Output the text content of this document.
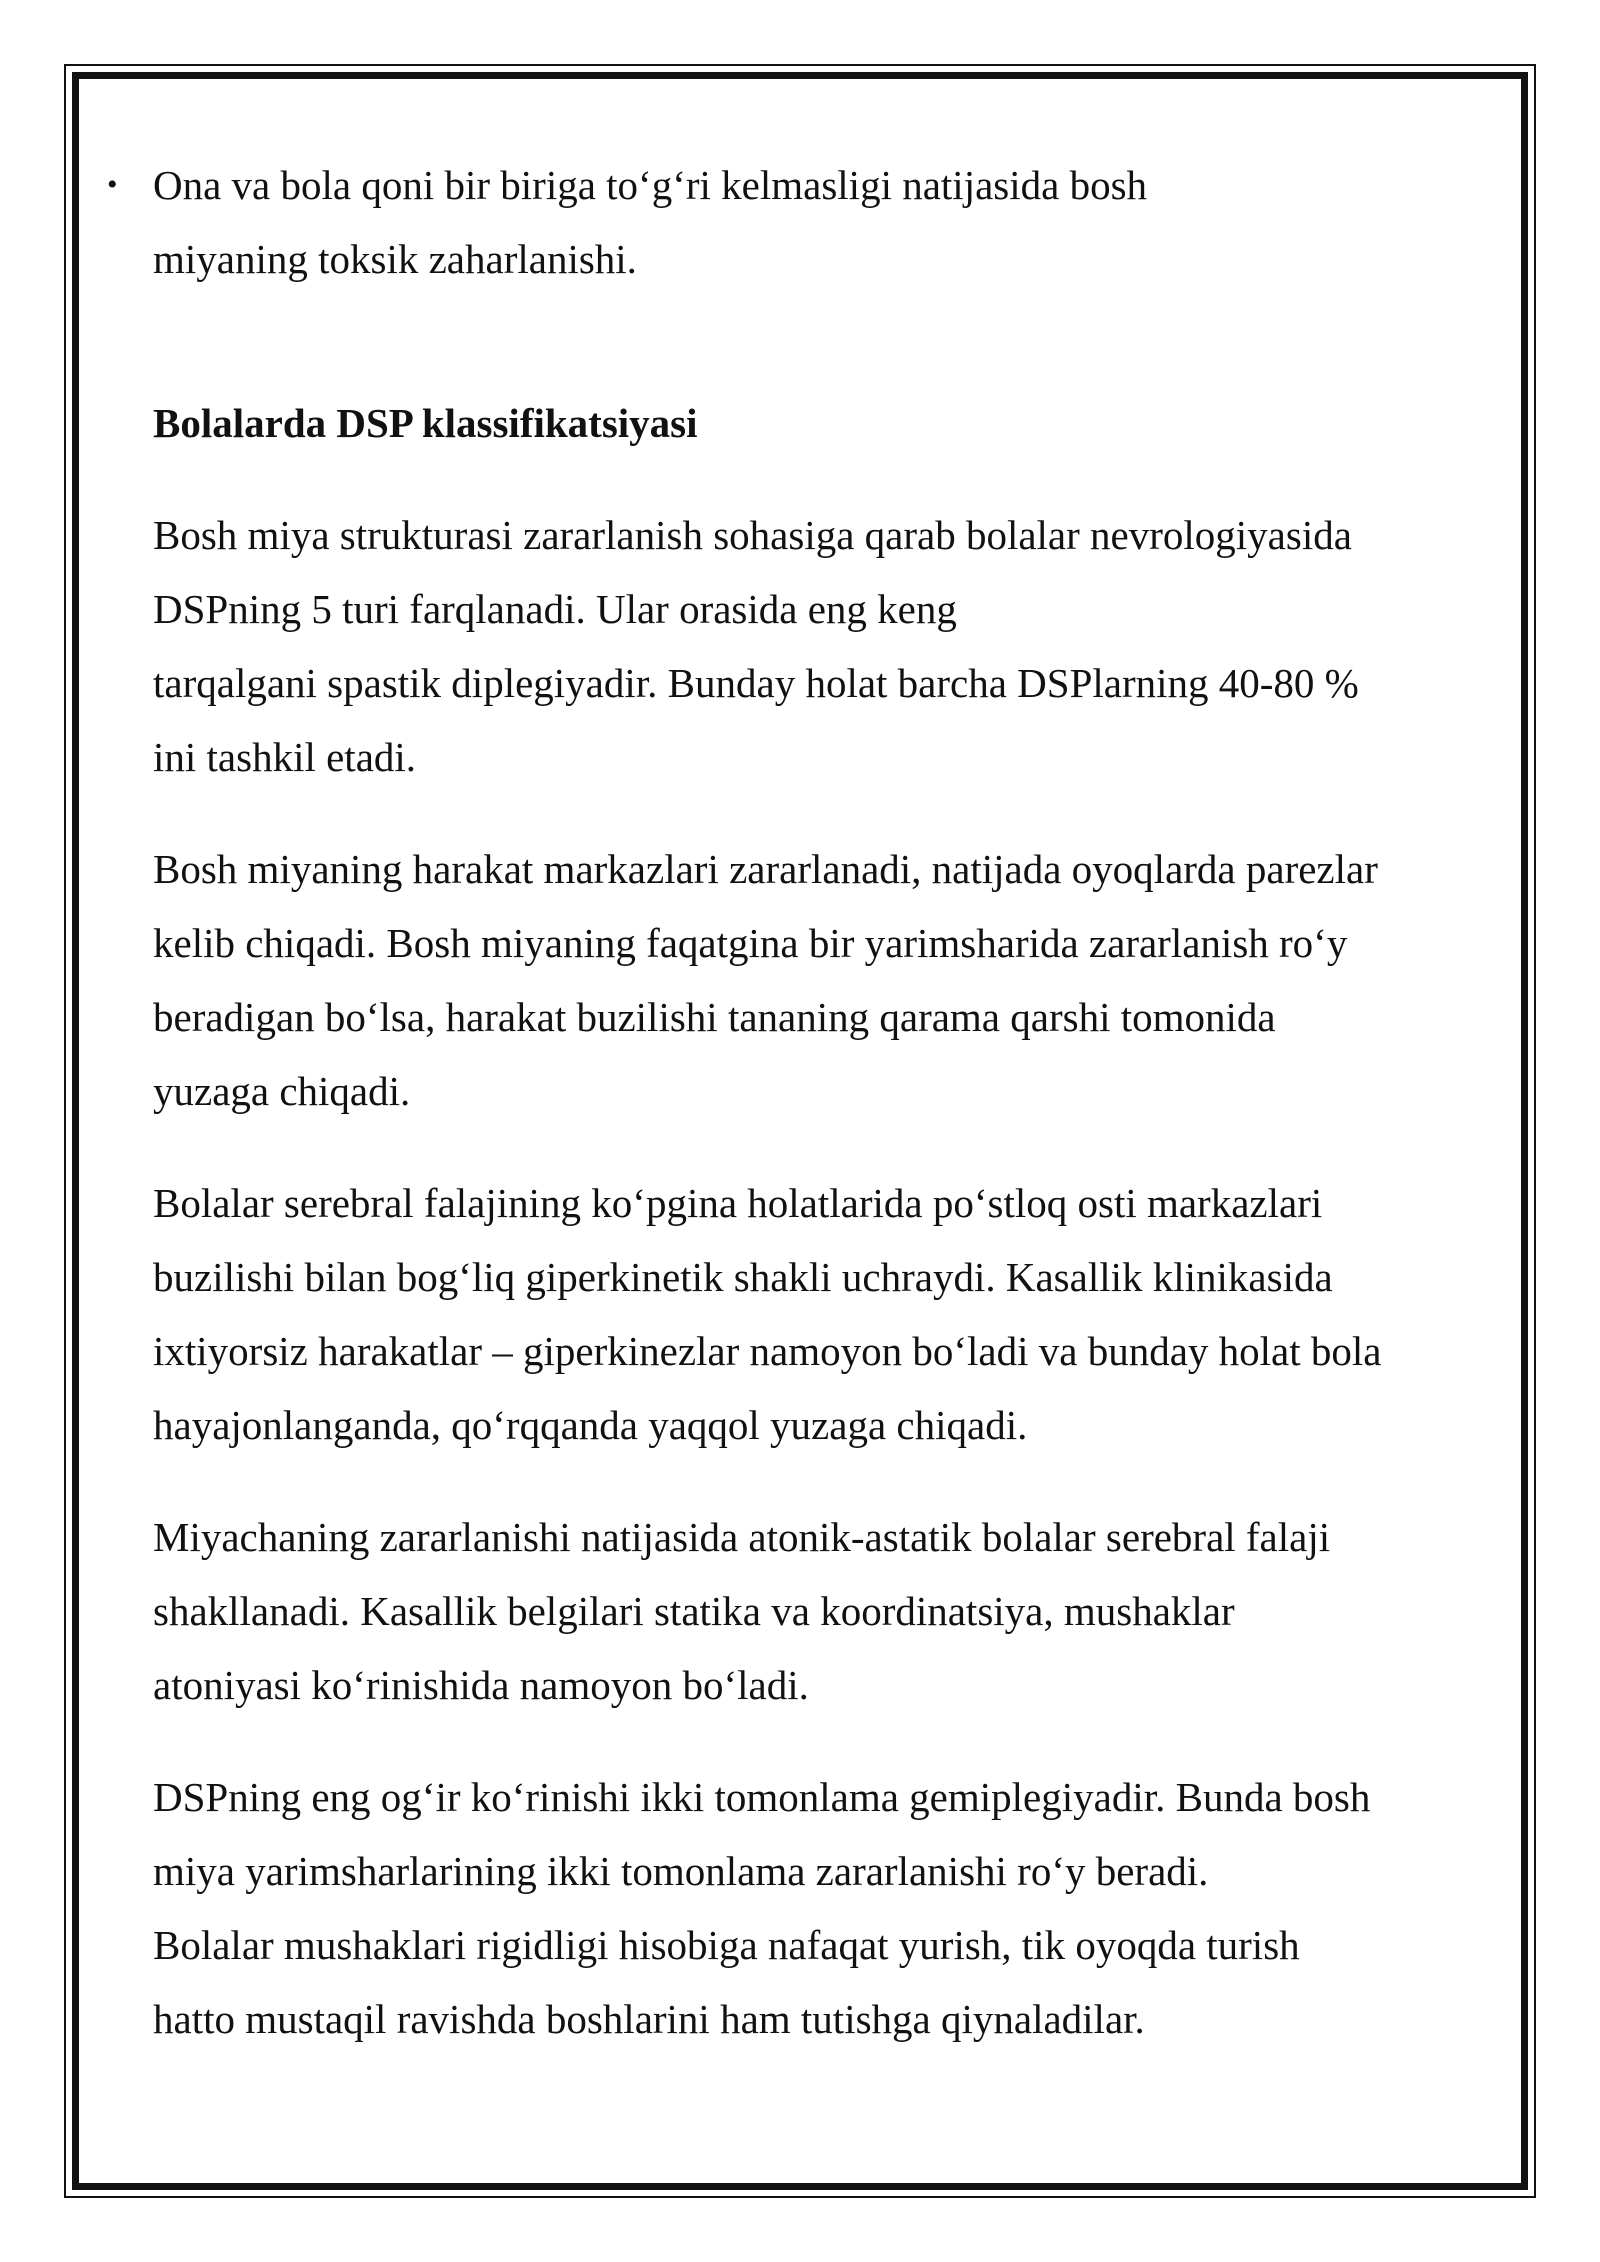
• Ona va bola qoni bir biriga to‘g‘ri kelmasligi natijasida bosh
miyaning toksik zaharlanishi.
Bolalarda DSP klassifikatsiyasi
Bosh miya strukturasi zararlanish sohasiga qarab bolalar nevrologiyasida
DSPning 5 turi farqlanadi. Ular orasida eng keng
tarqalgani spastik diplegiyadir. Bunday holat barcha DSPlarning 40-80 %
ini tashkil etadi.
Bosh miyaning harakat markazlari zararlanadi, natijada oyoqlarda parezlar
kelib chiqadi. Bosh miyaning faqatgina bir yarimsharida zararlanish ro‘y
beradigan bo‘lsa, harakat buzilishi tananing qarama qarshi tomonida
yuzaga chiqadi.
Bolalar serebral falajining ko‘pgina holatlarida po‘stloq osti markazlari
buzilishi bilan bog‘liq giperkinetik shakli uchraydi. Kasallik klinikasida
ixtiyorsiz harakatlar – giperkinezlar namoyon bo‘ladi va bunday holat bola
hayajonlanganda, qo‘rqqanda yaqqol yuzaga chiqadi.
Miyachaning zararlanishi natijasida atonik-astatik bolalar serebral falaji
shakllanadi. Kasallik belgilari statika va koordinatsiya, mushaklar
atoniyasi ko‘rinishida namoyon bo‘ladi.
DSPning eng og‘ir ko‘rinishi ikki tomonlama gemiplegiyadir. Bunda bosh
miya yarimsharlarining ikki tomonlama zararlanishi ro‘y beradi.
Bolalar mushaklari rigidligi hisobiga nafaqat yurish, tik oyoqda turish
hatto mustaqil ravishda boshlarini ham tutishga qiynaladilar.
